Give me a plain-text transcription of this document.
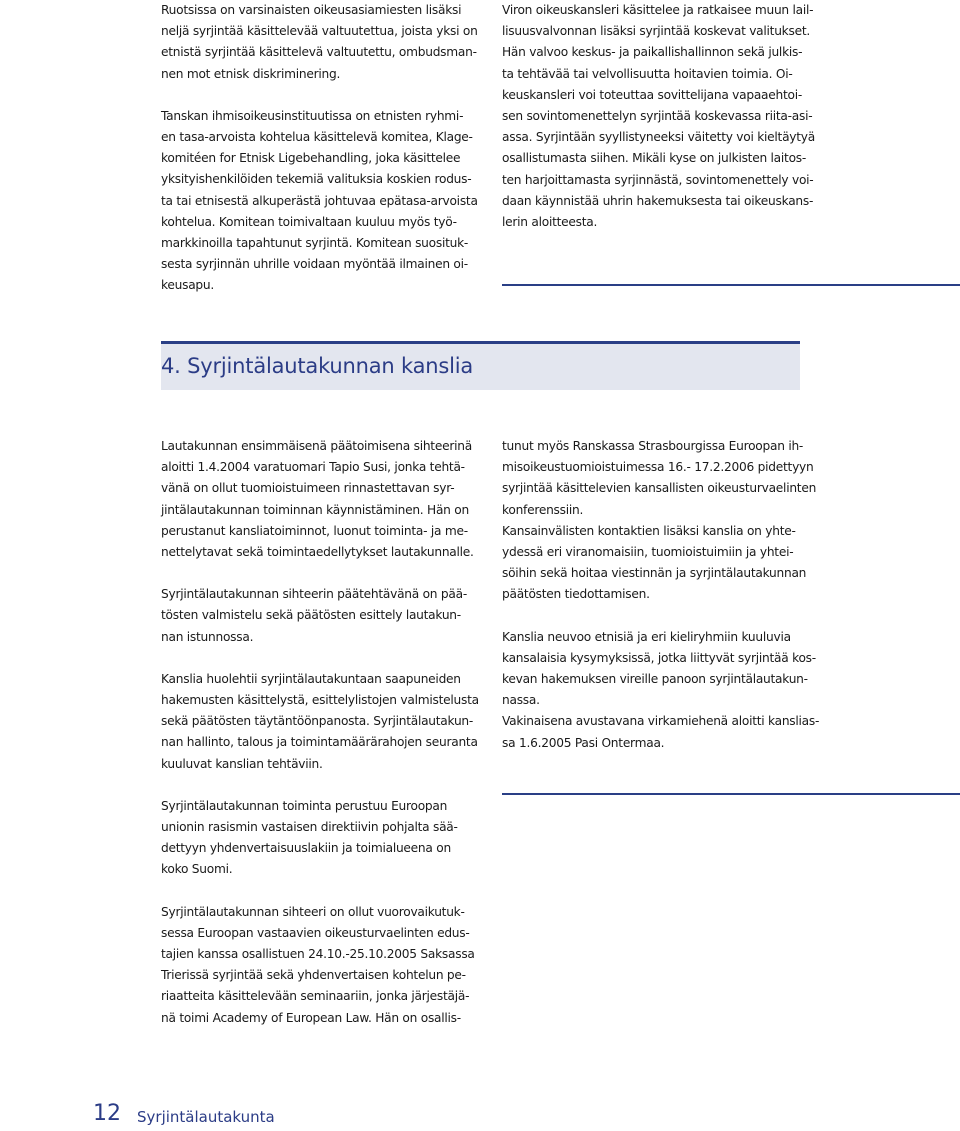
Ruotsissa on varsinaisten oikeusasiamiesten lisäksi
neljä syrjintää käsittelevää valtuutettua, joista yksi on
etnistä syrjintää käsittelevä valtuutettu, ombudsman-
nen mot etnisk diskriminering.

Tanskan ihmisoikeusinstituutissa on etnisten ryhmi-
en tasa-arvoista kohtelua käsittelevä komitea, Klage-
komitéen for Etnisk Ligebehandling, joka käsittelee
yksityishenkilöiden tekemiä valituksia koskien rodus-
ta tai etnisestä alkuperästä johtuvaa epätasa-arvoista
kohtelua. Komitean toimivaltaan kuuluu myös työ-
markkinoilla tapahtunut syrjintä. Komitean suosituk-
sesta syrjinnän uhrille voidaan myöntää ilmainen oi-
keusapu.

Viron oikeuskansleri käsittelee ja ratkaisee muun lail-
lisuusvalvonnan lisäksi syrjintää koskevat valitukset.
Hän valvoo keskus- ja paikallishallinnon sekä julkis-
ta tehtävää tai velvollisuutta hoitavien toimia. Oi-
keuskansleri voi toteuttaa sovittelijana vapaaehtoi-
sen sovintomenettelyn syrjintää koskevassa riita-asi-
assa. Syrjintään syyllistyneeksi väitetty voi kieltäytyä
osallistumasta siihen. Mikäli kyse on julkisten laitos-
ten harjoittamasta syrjinnästä, sovintomenettely voi-
daan käynnistää uhrin hakemuksesta tai oikeuskans-
lerin aloitteesta.

4. Syrjintälautakunnan kanslia

Lautakunnan ensimmäisenä päätoimisena sihteerinä
aloitti 1.4.2004 varatuomari Tapio Susi, jonka tehtä-
vänä on ollut tuomioistuimeen rinnastettavan syr-
jintälautakunnan toiminnan käynnistäminen. Hän on
perustanut kansliatoiminnot, luonut toiminta- ja me-
nettelytavat sekä toimintaedellytykset lautakunnalle.

Syrjintälautakunnan sihteerin päätehtävänä on pää-
tösten valmistelu sekä päätösten esittely lautakun-
nan istunnossa.

Kanslia huolehtii syrjintälautakuntaan saapuneiden
hakemusten käsittelystä, esittelylistojen valmistelusta
sekä päätösten täytäntöönpanosta. Syrjintälautakun-
nan hallinto, talous ja toimintamäärärahojen seuranta
kuuluvat kanslian tehtäviin.

Syrjintälautakunnan toiminta perustuu Euroopan
unionin rasismin vastaisen direktiivin pohjalta sää-
dettyyn yhdenvertaisuuslakiin ja toimialueena on
koko Suomi.

Syrjintälautakunnan sihteeri on ollut vuorovaikutuk-
sessa Euroopan vastaavien oikeusturvaelinten edus-
tajien kanssa osallistuen 24.10.-25.10.2005 Saksassa
Trierissä syrjintää sekä yhdenvertaisen kohtelun pe-
riaatteita käsittelevään seminaariin, jonka järjestäjä-
nä toimi Academy of European Law. Hän on osallis-

tunut myös Ranskassa Strasbourgissa Euroopan ih-
misoikeustuomioistuimessa 16.- 17.2.2006 pidettyyn
syrjintää käsittelevien kansallisten oikeusturvaelinten
konferenssiin.
Kansainvälisten kontaktien lisäksi kanslia on yhte-
ydessä eri viranomaisiin, tuomioistuimiin ja yhtei-
söihin sekä hoitaa viestinnän ja syrjintälautakunnan
päätösten tiedottamisen.

Kanslia neuvoo etnisiä ja eri kieliryhmiin kuuluvia
kansalaisia kysymyksissä, jotka liittyvät syrjintää kos-
kevan hakemuksen vireille panoon syrjintälautakun-
nassa.
Vakinaisena avustavana virkamiehenä aloitti kanslias-
sa 1.6.2005 Pasi Ontermaa.

12 Syrjintälautakunta
